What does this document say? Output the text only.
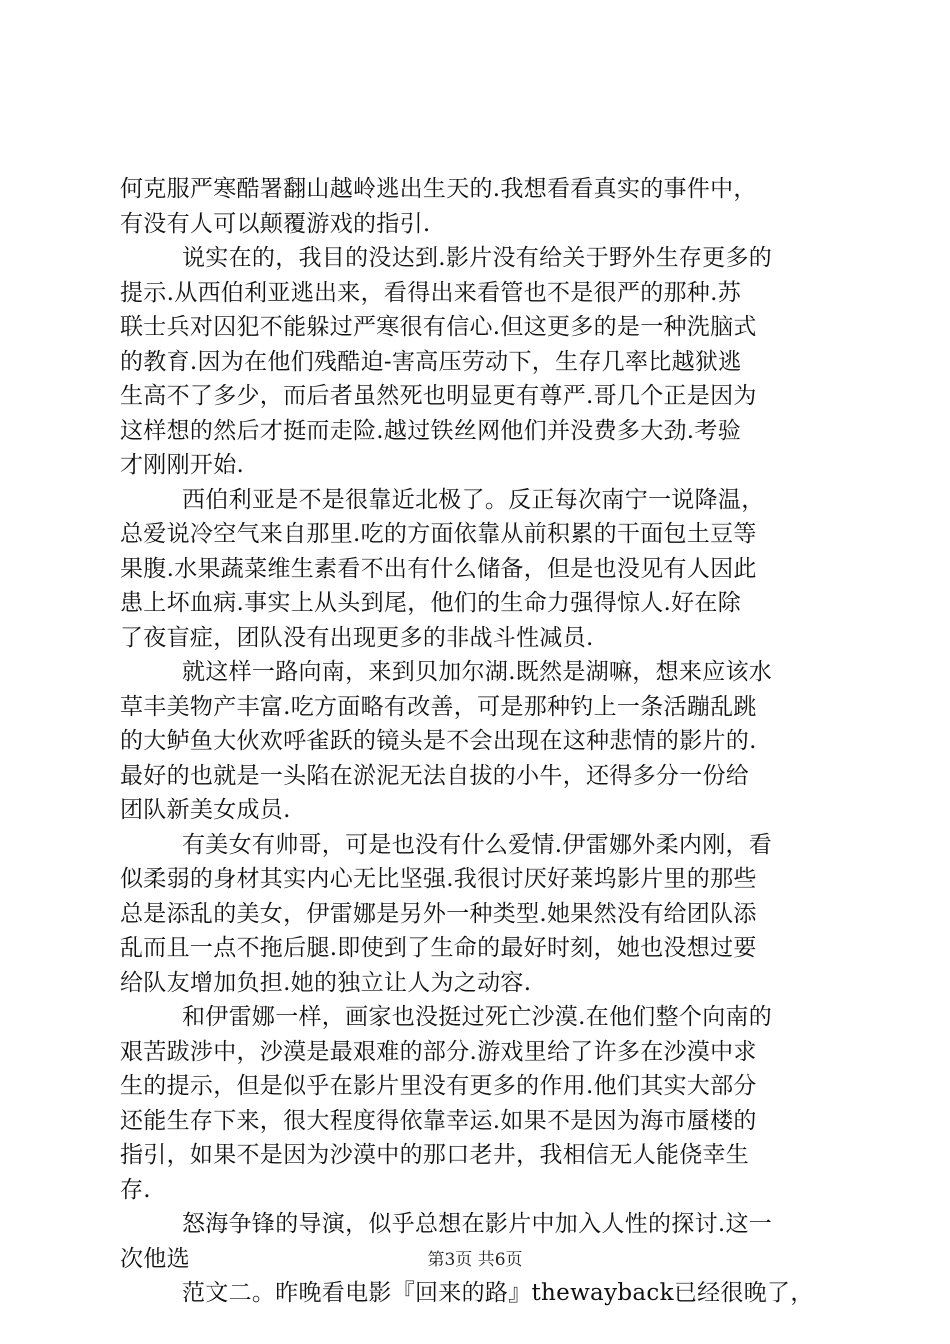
何克服严寒酷署翻山越岭逃出生天的.我想看看真实的事件中，
有没有人可以颠覆游戏的指引.
说实在的，我目的没达到.影片没有给关于野外生存更多的
提示.从西伯利亚逃出来，看得出来看管也不是很严的那种.苏
联士兵对囚犯不能躲过严寒很有信心.但这更多的是一种洗脑式
的教育.因为在他们残酷迫-害高压劳动下，生存几率比越狱逃
生高不了多少，而后者虽然死也明显更有尊严.哥几个正是因为
这样想的然后才挺而走险.越过铁丝网他们并没费多大劲.考验
才刚刚开始.
西伯利亚是不是很靠近北极了。反正每次南宁一说降温，
总爱说冷空气来自那里.吃的方面依靠从前积累的干面包土豆等
果腹.水果蔬菜维生素看不出有什么储备，但是也没见有人因此
患上坏血病.事实上从头到尾，他们的生命力强得惊人.好在除
了夜盲症，团队没有出现更多的非战斗性减员.
就这样一路向南，来到贝加尔湖.既然是湖嘛，想来应该水
草丰美物产丰富.吃方面略有改善，可是那种钓上一条活蹦乱跳
的大鲈鱼大伙欢呼雀跃的镜头是不会出现在这种悲情的影片的.
最好的也就是一头陷在淤泥无法自拔的小牛，还得多分一份给
团队新美女成员.
有美女有帅哥，可是也没有什么爱情.伊雷娜外柔内刚，看
似柔弱的身材其实内心无比坚强.我很讨厌好莱坞影片里的那些
总是添乱的美女，伊雷娜是另外一种类型.她果然没有给团队添
乱而且一点不拖后腿.即使到了生命的最好时刻，她也没想过要
给队友增加负担.她的独立让人为之动容.
和伊雷娜一样，画家也没挺过死亡沙漠.在他们整个向南的
艰苦跋涉中，沙漠是最艰难的部分.游戏里给了许多在沙漠中求
生的提示，但是似乎在影片里没有更多的作用.他们其实大部分
还能生存下来，很大程度得依靠幸运.如果不是因为海市蜃楼的
指引，如果不是因为沙漠中的那口老井，我相信无人能侥幸生
存.
怒海争锋的导演，似乎总想在影片中加入人性的探讨.这一
次他选
范文二。昨晚看电影『回来的路』thewayback已经很晚了，
第3页 共6页
